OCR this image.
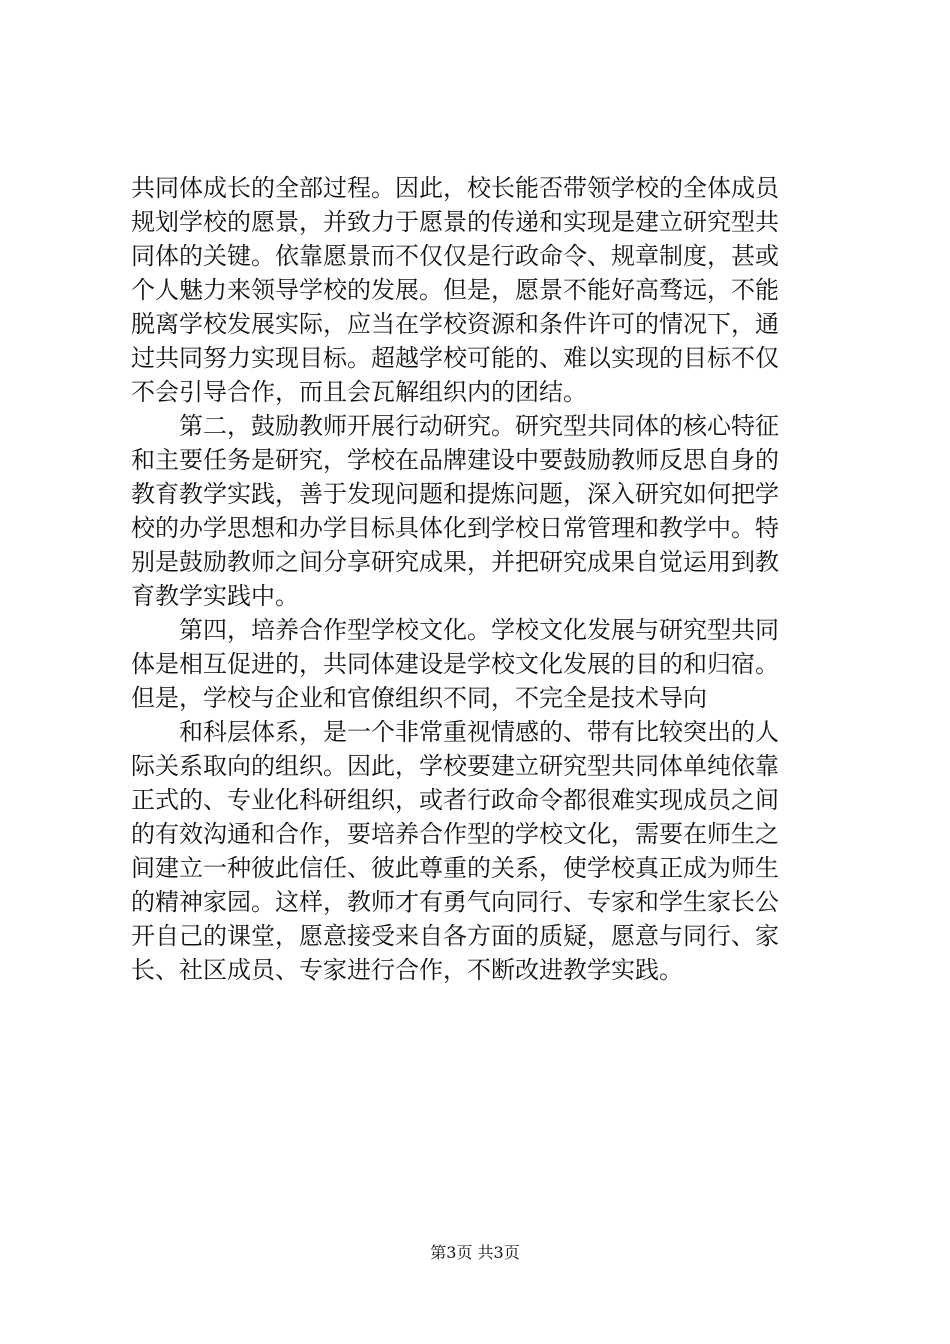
共同体成长的全部过程。因此，校长能否带领学校的全体成员
规划学校的愿景，并致力于愿景的传递和实现是建立研究型共
同体的关键。依靠愿景而不仅仅是行政命令、规章制度，甚或
个人魅力来领导学校的发展。但是，愿景不能好高骛远，不能
脱离学校发展实际，应当在学校资源和条件许可的情况下，通
过共同努力实现目标。超越学校可能的、难以实现的目标不仅
不会引导合作，而且会瓦解组织内的团结。
第二，鼓励教师开展行动研究。研究型共同体的核心特征
和主要任务是研究，学校在品牌建设中要鼓励教师反思自身的
教育教学实践，善于发现问题和提炼问题，深入研究如何把学
校的办学思想和办学目标具体化到学校日常管理和教学中。特
别是鼓励教师之间分享研究成果，并把研究成果自觉运用到教
育教学实践中。
第四，培养合作型学校文化。学校文化发展与研究型共同
体是相互促进的，共同体建设是学校文化发展的目的和归宿。
但是，学校与企业和官僚组织不同，不完全是技术导向
和科层体系，是一个非常重视情感的、带有比较突出的人
际关系取向的组织。因此，学校要建立研究型共同体单纯依靠
正式的、专业化科研组织，或者行政命令都很难实现成员之间
的有效沟通和合作，要培养合作型的学校文化，需要在师生之
间建立一种彼此信任、彼此尊重的关系，使学校真正成为师生
的精神家园。这样，教师才有勇气向同行、专家和学生家长公
开自己的课堂，愿意接受来自各方面的质疑，愿意与同行、家
长、社区成员、专家进行合作，不断改进教学实践。
第3页 共3页
